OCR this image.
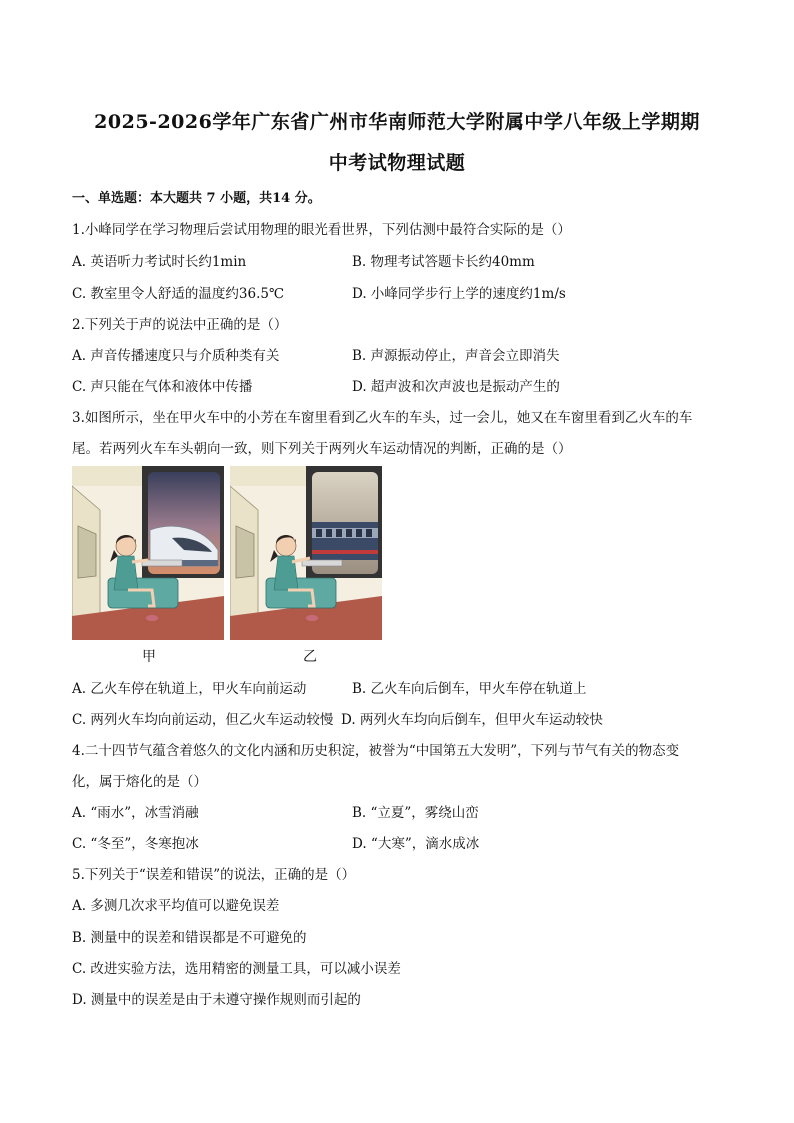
2025-2026学年广东省广州市华南师范大学附属中学八年级上学期期
中考试物理试题
一、单选题：本大题共 7 小题，共14 分。
1.小峰同学在学习物理后尝试用物理的眼光看世界，下列估测中最符合实际的是（）
A. 英语听力考试时长约1min	B. 物理考试答题卡长约40mm
C. 教室里令人舒适的温度约36.5℃	D. 小峰同学步行上学的速度约1m/s
2.下列关于声的说法中正确的是（）
A. 声音传播速度只与介质种类有关	B. 声源振动停止，声音会立即消失
C. 声只能在气体和液体中传播	D. 超声波和次声波也是振动产生的
3.如图所示，坐在甲火车中的小芳在车窗里看到乙火车的车头，过一会儿，她又在车窗里看到乙火车的车
尾。若两列火车车头朝向一致，则下列关于两列火车运动情况的判断，正确的是（）
甲	乙
A. 乙火车停在轨道上，甲火车向前运动	B. 乙火车向后倒车，甲火车停在轨道上
C. 两列火车均向前运动，但乙火车运动较慢 D. 两列火车均向后倒车，但甲火车运动较快
4.二十四节气蕴含着悠久的文化内涵和历史积淀，被誉为“中国第五大发明”，下列与节气有关的物态变
化，属于熔化的是（）
A. “雨水”，冰雪消融	B. “立夏”，雾绕山峦
C. “冬至”，冬寒抱冰	D. “大寒”，滴水成冰
5.下列关于“误差和错误”的说法，正确的是（）
A. 多测几次求平均值可以避免误差
B. 测量中的误差和错误都是不可避免的
C. 改进实验方法，选用精密的测量工具，可以减小误差
D. 测量中的误差是由于未遵守操作规则而引起的
